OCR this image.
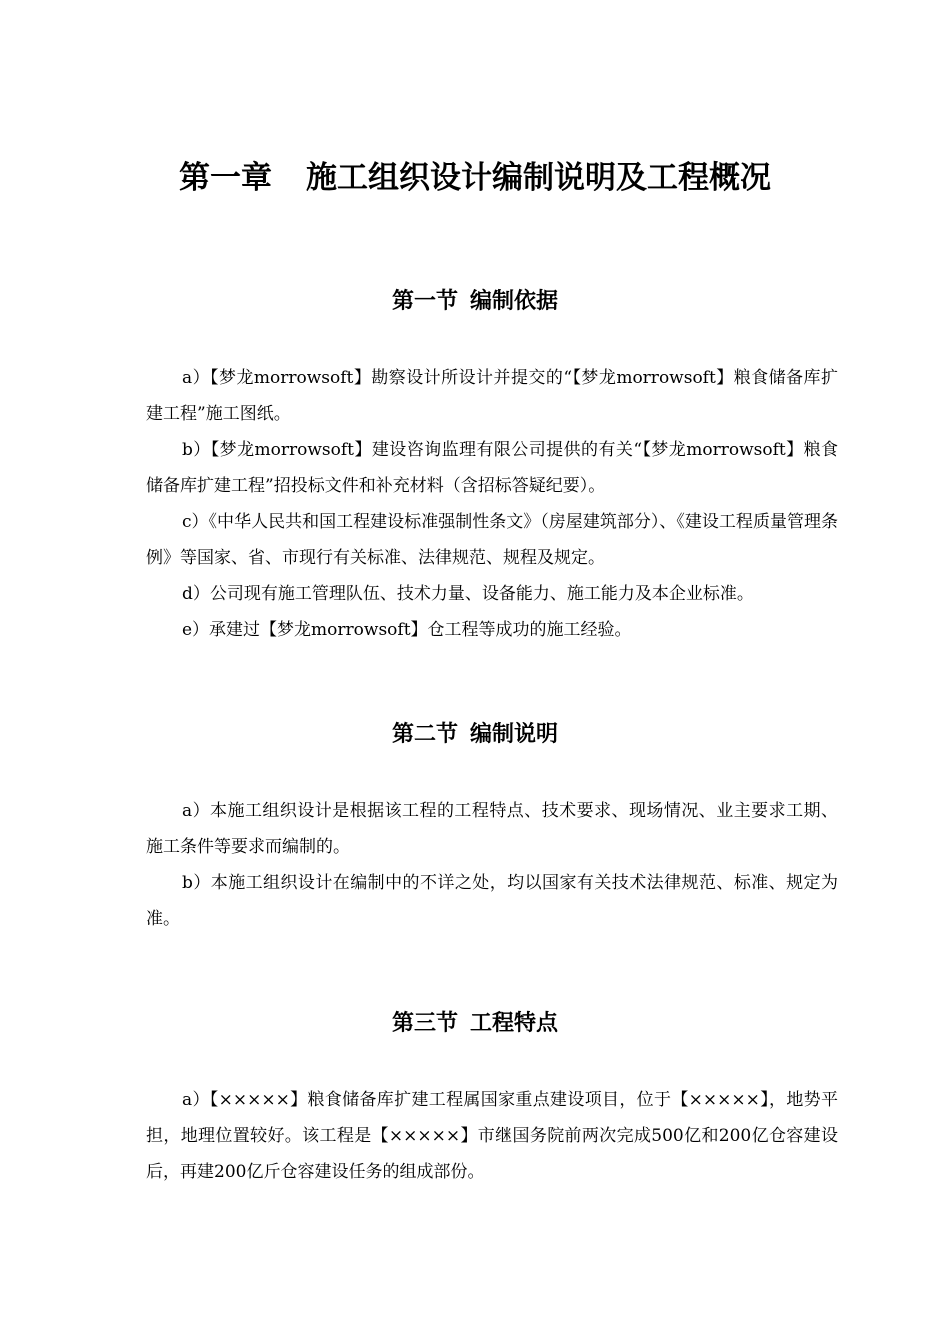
第一章 施工组织设计编制说明及工程概况
第一节 编制依据

a）【梦龙morrowsoft】勘察设计所设计并提交的“【梦龙morrowsoft】粮食储备库扩建工程”施工图纸。

b）【梦龙morrowsoft】建设咨询监理有限公司提供的有关“【梦龙morrowsoft】粮食储备库扩建工程”招投标文件和补充材料（含招标答疑纪要）。

c）《中华人民共和国工程建设标准强制性条文》（房屋建筑部分）、《建设工程质量管理条例》等国家、省、市现行有关标准、法律规范、规程及规定。

d）公司现有施工管理队伍、技术力量、设备能力、施工能力及本企业标准。

e）承建过【梦龙morrowsoft】仓工程等成功的施工经验。

第二节 编制说明

a）本施工组织设计是根据该工程的工程特点、技术要求、现场情况、业主要求工期、施工条件等要求而编制的。

b）本施工组织设计在编制中的不详之处，均以国家有关技术法律规范、标准、规定为准。

第三节 工程特点

a）【×××××】粮食储备库扩建工程属国家重点建设项目，位于【×××××】，地势平担，地理位置较好。该工程是【×××××】市继国务院前两次完成500亿和200亿仓容建设后，再建200亿斤仓容建设任务的组成部份。
